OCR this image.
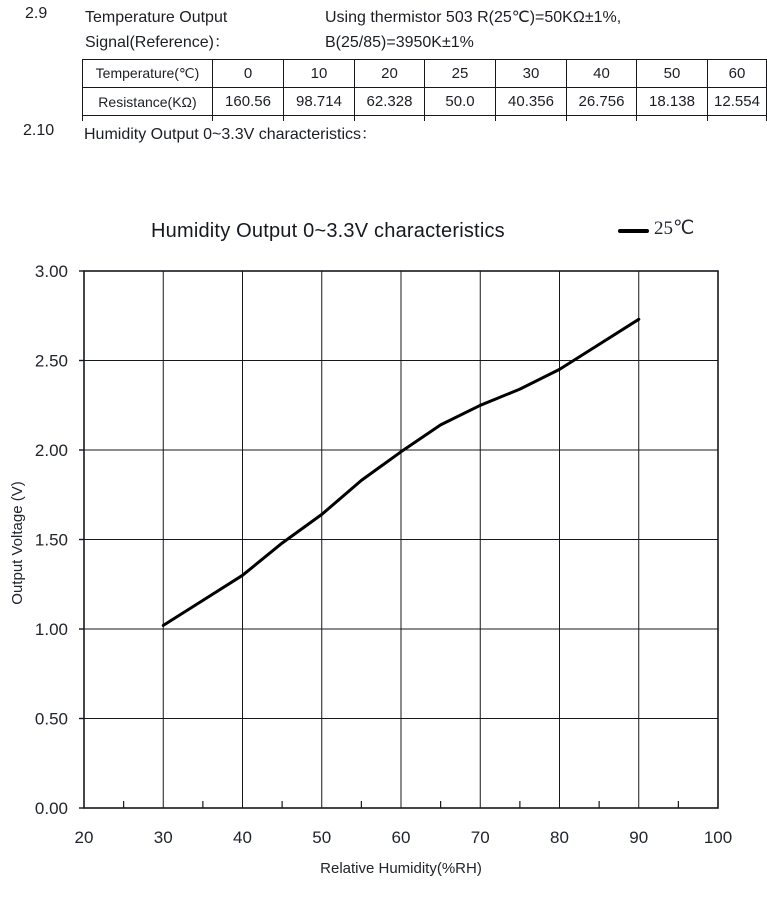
2.9 Temperature Output
Signal(Reference)：
Using thermistor 503 R(25℃)=50KΩ±1%,
B(25/85)=3950K±1%
Temperature(℃)	0	10	20	25	30	40	50	60
Resistance(KΩ)	160.56	98.714	62.328	50.0	40.356	26.756	18.138	12.554

2.10 Humidity Output 0~3.3V characteristics：
Humidity Output 0~3.3V characteristics	25℃
0.00
0.50
1.00
1.50
2.00
2.50
3.00
20	30	40	50	60	70	80	90	100
Relative Humidity(%RH)
Output Voltage (V)
